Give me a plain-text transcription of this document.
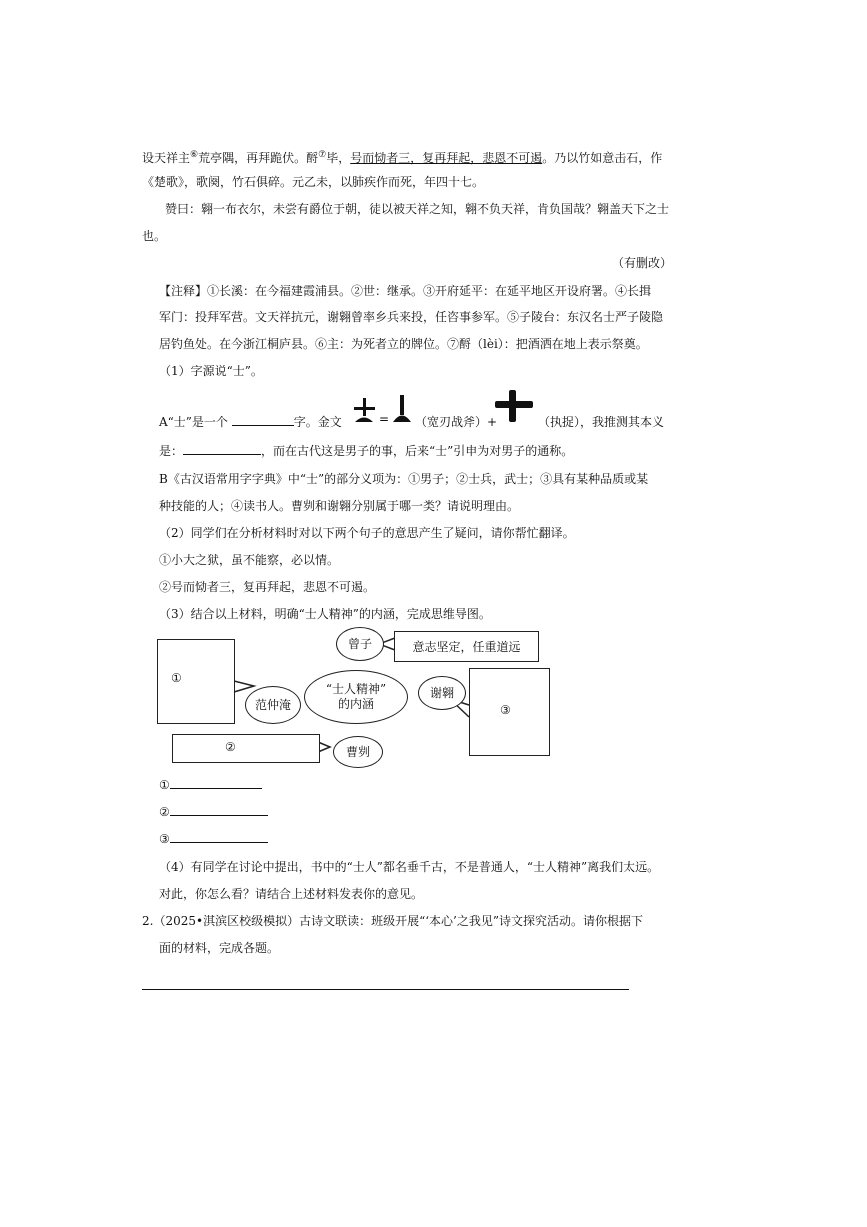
设天祥主⑥荒亭隅，再拜跪伏。酹⑦毕，号而恸者三，复再拜起，悲恩不可遏。乃以竹如意击石，作
《楚歌》，歌阕，竹石俱碎。元乙未，以肺疾作而死，年四十七。
赞曰：翱一布衣尔，未尝有爵位于朝，徒以被天祥之知，翱不负天祥，肯负国哉？翱盖天下之士
也。
（有删改）
【注释】①长溪：在今福建霞浦县。②世：继承。③开府延平：在延平地区开设府署。④长揖
军门：投拜军营。文天祥抗元，谢翱曾率乡兵来投，任咨事参军。⑤子陵台：东汉名士严子陵隐
居钓鱼处。在今浙江桐庐县。⑥主：为死者立的牌位。⑦酹（lèi）：把酒洒在地上表示祭奠。
（1）字源说“士”。
A“士”是一个	字。金文	= （宽刃战斧）+	（执捉），我推测其本义
是：	，而在古代这是男子的事，后来“士”引申为对男子的通称。
B《古汉语常用字字典》中“士”的部分义项为：①男子；②士兵，武士；③具有某种品质或某
种技能的人；④读书人。曹刿和谢翱分别属于哪一类？请说明理由。
（2）同学们在分析材料时对以下两个句子的意思产生了疑问，请你帮忙翻译。
①小大之狱，虽不能察，必以情。
②号而恸者三，复再拜起，悲恩不可遏。
（3）结合以上材料，明确“士人精神”的内涵，完成思维导图。
①
范仲淹
“士人精神”
的内涵
曾子	意志坚定，任重道远
谢翱
③
②	曹刿
①
②
③
（4）有同学在讨论中提出，书中的“士人”都名垂千古，不是普通人，“士人精神”离我们太远。
对此，你怎么看？请结合上述材料发表你的意见。
2.（2025•淇滨区校级模拟）古诗文联读：班级开展“‘本心’之我见”诗文探究活动。请你根据下
面的材料，完成各题。
